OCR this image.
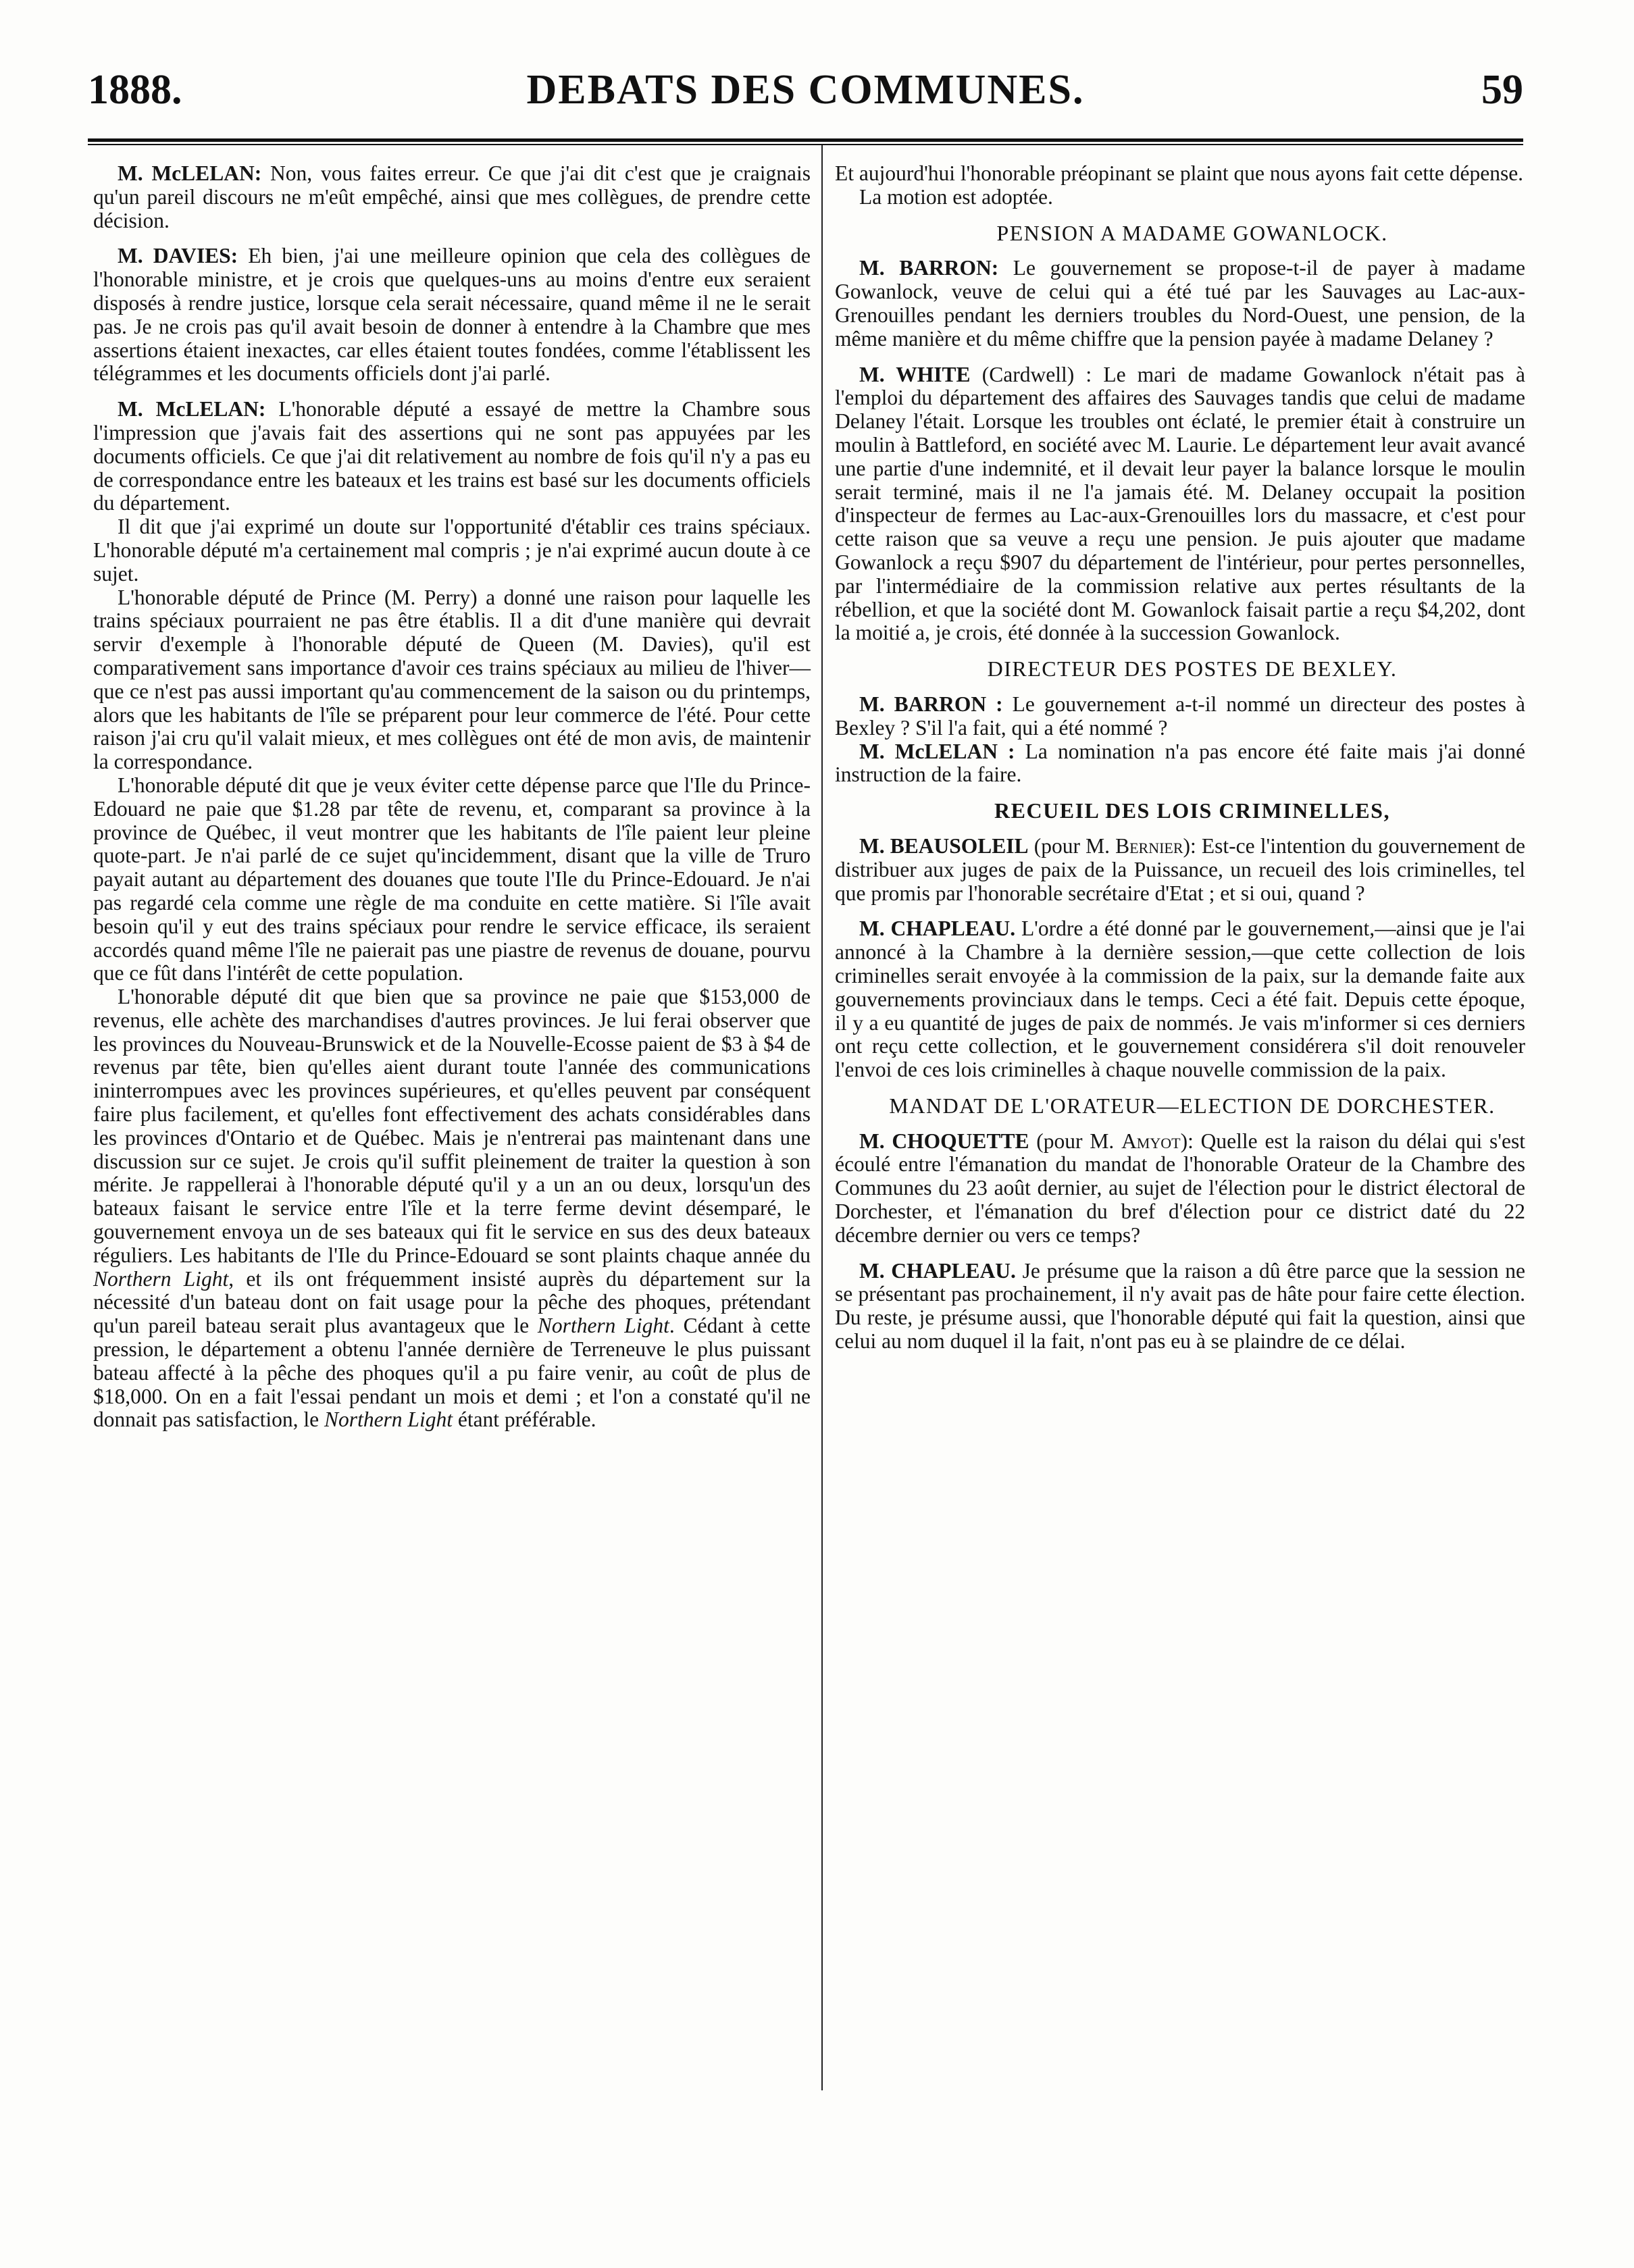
1888.	DEBATS DES COMMUNES.	59

M. McLELAN: Non, vous faites erreur. Ce que j'ai dit c'est que je craignais qu'un pareil discours ne m'eût empêché, ainsi que mes collègues, de prendre cette décision.

M. DAVIES: Eh bien, j'ai une meilleure opinion que cela des collègues de l'honorable ministre, et je crois que quelques-uns au moins d'entre eux seraient disposés à rendre justice, lorsque cela serait nécessaire, quand même il ne le serait pas. Je ne crois pas qu'il avait besoin de donner à entendre à la Chambre que mes assertions étaient inexactes, car elles étaient toutes fondées, comme l'établissent les télégrammes et les documents officiels dont j'ai parlé.

M. McLELAN: L'honorable député a essayé de mettre la Chambre sous l'impression que j'avais fait des assertions qui ne sont pas appuyées par les documents officiels. Ce que j'ai dit relativement au nombre de fois qu'il n'y a pas eu de correspondance entre les bateaux et les trains est basé sur les documents officiels du département.

Il dit que j'ai exprimé un doute sur l'opportunité d'établir ces trains spéciaux. L'honorable député m'a certainement mal compris ; je n'ai exprimé aucun doute à ce sujet.

L'honorable député de Prince (M. Perry) a donné une raison pour laquelle les trains spéciaux pourraient ne pas être établis. Il a dit d'une manière qui devrait servir d'exemple à l'honorable député de Queen (M. Davies), qu'il est comparativement sans importance d'avoir ces trains spéciaux au milieu de l'hiver—que ce n'est pas aussi important qu'au commencement de la saison ou du printemps, alors que les habitants de l'île se préparent pour leur commerce de l'été. Pour cette raison j'ai cru qu'il valait mieux, et mes collègues ont été de mon avis, de maintenir la correspondance.

L'honorable député dit que je veux éviter cette dépense parce que l'Ile du Prince-Edouard ne paie que $1.28 par tête de revenu, et, comparant sa province à la province de Québec, il veut montrer que les habitants de l'île paient leur pleine quote-part. Je n'ai parlé de ce sujet qu'incidemment, disant que la ville de Truro payait autant au département des douanes que toute l'Ile du Prince-Edouard. Je n'ai pas regardé cela comme une règle de ma conduite en cette matière. Si l'île avait besoin qu'il y eut des trains spéciaux pour rendre le service efficace, ils seraient accordés quand même l'île ne paierait pas une piastre de revenus de douane, pourvu que ce fût dans l'intérêt de cette population.

L'honorable député dit que bien que sa province ne paie que $153,000 de revenus, elle achète des marchandises d'autres provinces. Je lui ferai observer que les provinces du Nouveau-Brunswick et de la Nouvelle-Ecosse paient de $3 à $4 de revenus par tête, bien qu'elles aient durant toute l'année des communications ininterrompues avec les provinces supérieures, et qu'elles peuvent par conséquent faire plus facilement, et qu'elles font effectivement des achats considérables dans les provinces d'Ontario et de Québec. Mais je n'entrerai pas maintenant dans une discussion sur ce sujet. Je crois qu'il suffit pleinement de traiter la question à son mérite. Je rappellerai à l'honorable député qu'il y a un an ou deux, lorsqu'un des bateaux faisant le service entre l'île et la terre ferme devint désemparé, le gouvernement envoya un de ses bateaux qui fit le service en sus des deux bateaux réguliers. Les habitants de l'Ile du Prince-Edouard se sont plaints chaque année du Northern Light, et ils ont fréquemment insisté auprès du département sur la nécessité d'un bateau dont on fait usage pour la pêche des phoques, prétendant qu'un pareil bateau serait plus avantageux que le Northern Light. Cédant à cette pression, le département a obtenu l'année dernière de Terreneuve le plus puissant bateau affecté à la pêche des phoques qu'il a pu faire venir, au coût de plus de $18,000. On en a fait l'essai pendant un mois et demi ; et l'on a constaté qu'il ne donnait pas satisfaction, le Northern Light étant préférable.

Et aujourd'hui l'honorable préopinant se plaint que nous ayons fait cette dépense.

La motion est adoptée.

PENSION A MADAME GOWANLOCK.

M. BARRON: Le gouvernement se propose-t-il de payer à madame Gowanlock, veuve de celui qui a été tué par les Sauvages au Lac-aux-Grenouilles pendant les derniers troubles du Nord-Ouest, une pension, de la même manière et du même chiffre que la pension payée à madame Delaney ?

M. WHITE (Cardwell) : Le mari de madame Gowanlock n'était pas à l'emploi du département des affaires des Sauvages tandis que celui de madame Delaney l'était. Lorsque les troubles ont éclaté, le premier était à construire un moulin à Battleford, en société avec M. Laurie. Le département leur avait avancé une partie d'une indemnité, et il devait leur payer la balance lorsque le moulin serait terminé, mais il ne l'a jamais été. M. Delaney occupait la position d'inspecteur de fermes au Lac-aux-Grenouilles lors du massacre, et c'est pour cette raison que sa veuve a reçu une pension. Je puis ajouter que madame Gowanlock a reçu $907 du département de l'intérieur, pour pertes personnelles, par l'intermédiaire de la commission relative aux pertes résultants de la rébellion, et que la société dont M. Gowanlock faisait partie a reçu $4,202, dont la moitié a, je crois, été donnée à la succession Gowanlock.

DIRECTEUR DES POSTES DE BEXLEY.

M. BARRON : Le gouvernement a-t-il nommé un directeur des postes à Bexley ? S'il l'a fait, qui a été nommé ?

M. McLELAN : La nomination n'a pas encore été faite mais j'ai donné instruction de la faire.

RECUEIL DES LOIS CRIMINELLES,

M. BEAUSOLEIL (pour M. Bernier): Est-ce l'intention du gouvernement de distribuer aux juges de paix de la Puissance, un recueil des lois criminelles, tel que promis par l'honorable secrétaire d'Etat ; et si oui, quand ?

M. CHAPLEAU. L'ordre a été donné par le gouvernement,—ainsi que je l'ai annoncé à la Chambre à la dernière session,—que cette collection de lois criminelles serait envoyée à la commission de la paix, sur la demande faite aux gouvernements provinciaux dans le temps. Ceci a été fait. Depuis cette époque, il y a eu quantité de juges de paix de nommés. Je vais m'informer si ces derniers ont reçu cette collection, et le gouvernement considérera s'il doit renouveler l'envoi de ces lois criminelles à chaque nouvelle commission de la paix.

MANDAT DE L'ORATEUR—ELECTION DE DORCHESTER.

M. CHOQUETTE (pour M. Amyot): Quelle est la raison du délai qui s'est écoulé entre l'émanation du mandat de l'honorable Orateur de la Chambre des Communes du 23 août dernier, au sujet de l'élection pour le district électoral de Dorchester, et l'émanation du bref d'élection pour ce district daté du 22 décembre dernier ou vers ce temps?

M. CHAPLEAU. Je présume que la raison a dû être parce que la session ne se présentant pas prochainement, il n'y avait pas de hâte pour faire cette élection. Du reste, je présume aussi, que l'honorable député qui fait la question, ainsi que celui au nom duquel il la fait, n'ont pas eu à se plaindre de ce délai.
